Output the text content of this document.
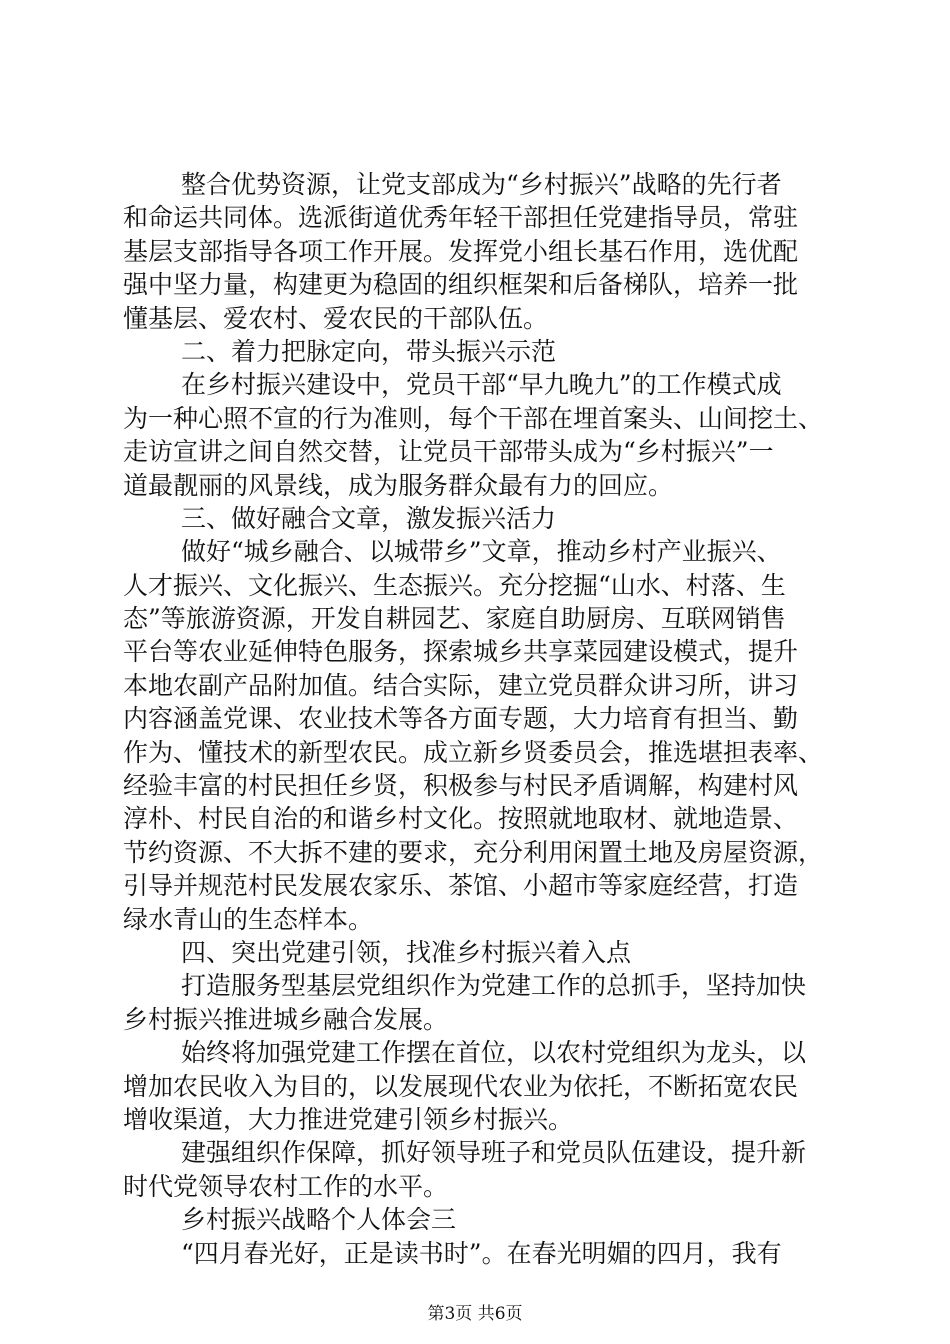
整合优势资源，让党支部成为“乡村振兴”战略的先行者
和命运共同体。选派街道优秀年轻干部担任党建指导员，常驻
基层支部指导各项工作开展。发挥党小组长基石作用，选优配
强中坚力量，构建更为稳固的组织框架和后备梯队，培养一批
懂基层、爱农村、爱农民的干部队伍。
二、着力把脉定向，带头振兴示范
在乡村振兴建设中，党员干部“早九晚九”的工作模式成
为一种心照不宣的行为准则，每个干部在埋首案头、山间挖土、
走访宣讲之间自然交替，让党员干部带头成为“乡村振兴”一
道最靓丽的风景线，成为服务群众最有力的回应。
三、做好融合文章，激发振兴活力
做好“城乡融合、以城带乡”文章，推动乡村产业振兴、
人才振兴、文化振兴、生态振兴。充分挖掘“山水、村落、生
态”等旅游资源，开发自耕园艺、家庭自助厨房、互联网销售
平台等农业延伸特色服务，探索城乡共享菜园建设模式，提升
本地农副产品附加值。结合实际，建立党员群众讲习所，讲习
内容涵盖党课、农业技术等各方面专题，大力培育有担当、勤
作为、懂技术的新型农民。成立新乡贤委员会，推选堪担表率、
经验丰富的村民担任乡贤，积极参与村民矛盾调解，构建村风
淳朴、村民自治的和谐乡村文化。按照就地取材、就地造景、
节约资源、不大拆不建的要求，充分利用闲置土地及房屋资源，
引导并规范村民发展农家乐、茶馆、小超市等家庭经营，打造
绿水青山的生态样本。
四、突出党建引领，找准乡村振兴着入点
打造服务型基层党组织作为党建工作的总抓手，坚持加快
乡村振兴推进城乡融合发展。
始终将加强党建工作摆在首位，以农村党组织为龙头，以
增加农民收入为目的，以发展现代农业为依托，不断拓宽农民
增收渠道，大力推进党建引领乡村振兴。
建强组织作保障，抓好领导班子和党员队伍建设，提升新
时代党领导农村工作的水平。
乡村振兴战略个人体会三
“四月春光好，正是读书时”。在春光明媚的四月，我有
第3页 共6页
